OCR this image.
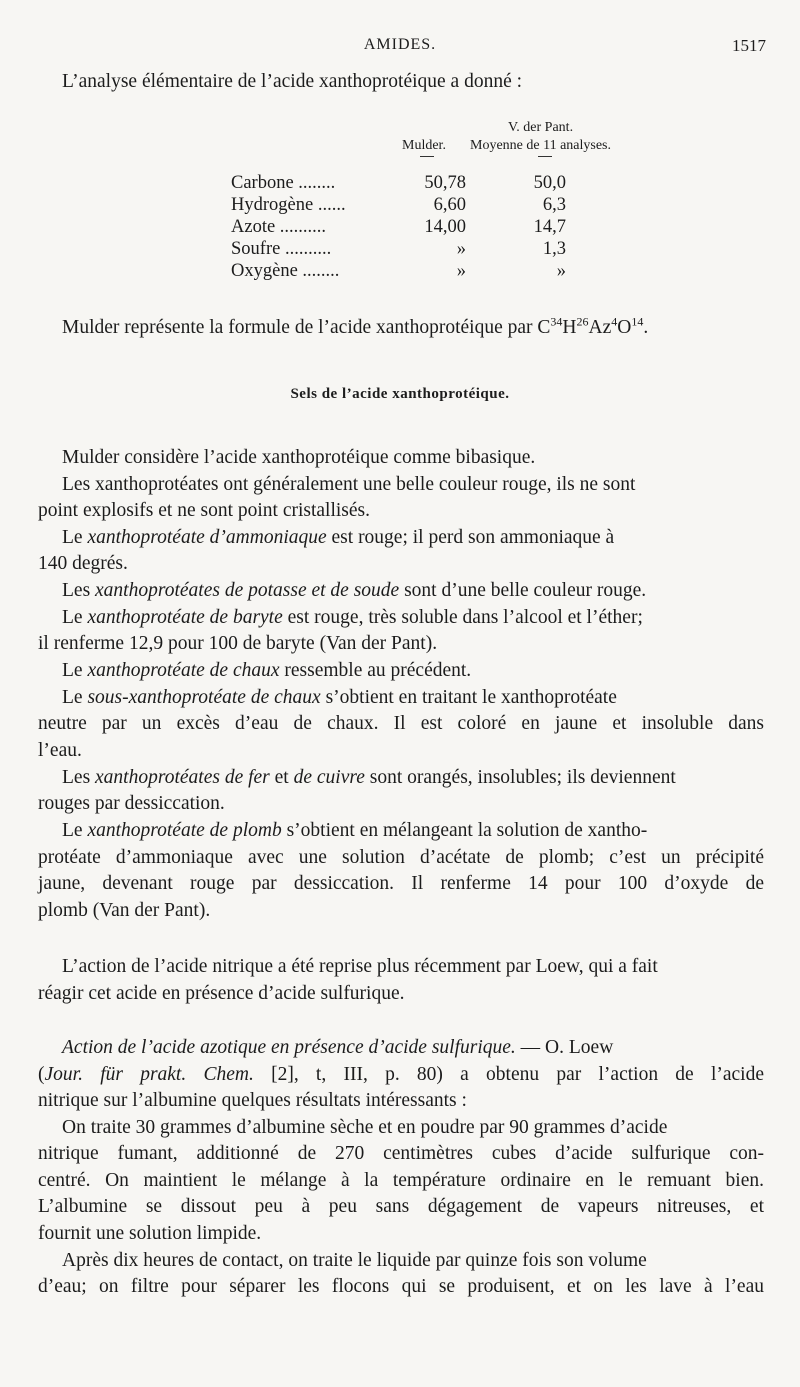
AMIDES.	1517
L’analyse élémentaire de l’acide xanthoprotéique a donné :
V. der Pant.
Mulder. Moyenne de 11 analyses.
Carbone ........	50,78	50,0
Hydrogène ......	6,60	6,3
Azote ..........	14,00	14,7
Soufre ..........	»	1,3
Oxygène ........	»	»
Mulder représente la formule de l’acide xanthoprotéique par $C^{34}H^{26}Az^4O^{14}$.
Sels de l’acide xanthoprotéique.
Mulder considère l’acide xanthoprotéique comme bibasique.
Les xanthoprotéates ont généralement une belle couleur rouge, ils ne sont
point explosifs et ne sont point cristallisés.
Le xanthoprotéate d’ammoniaque est rouge; il perd son ammoniaque à
140 degrés.
Les xanthoprotéates de potasse et de soude sont d’une belle couleur rouge.
Le xanthoprotéate de baryte est rouge, très soluble dans l’alcool et l’éther;
il renferme 12,9 pour 100 de baryte (Van der Pant).
Le xanthoprotéate de chaux ressemble au précédent.
Le sous-xanthoprotéate de chaux s’obtient en traitant le xanthoprotéate
neutre par un excès d’eau de chaux. Il est coloré en jaune et insoluble dans
l’eau.
Les xanthoprotéates de fer et de cuivre sont orangés, insolubles; ils deviennent
rouges par dessiccation.
Le xanthoprotéate de plomb s’obtient en mélangeant la solution de xantho-
protéate d’ammoniaque avec une solution d’acétate de plomb; c’est un précipité
jaune, devenant rouge par dessiccation. Il renferme 14 pour 100 d’oxyde de
plomb (Van der Pant).
L’action de l’acide nitrique a été reprise plus récemment par Loew, qui a fait
réagir cet acide en présence d’acide sulfurique.
Action de l’acide azotique en présence d’acide sulfurique. — O. Loew
(Jour. für prakt. Chem. [2], t, III, p. 80) a obtenu par l’action de l’acide
nitrique sur l’albumine quelques résultats intéressants :
On traite 30 grammes d’albumine sèche et en poudre par 90 grammes d’acide
nitrique fumant, additionné de 270 centimètres cubes d’acide sulfurique con-
centré. On maintient le mélange à la température ordinaire en le remuant bien.
L’albumine se dissout peu à peu sans dégagement de vapeurs nitreuses, et
fournit une solution limpide.
Après dix heures de contact, on traite le liquide par quinze fois son volume
d’eau; on filtre pour séparer les flocons qui se produisent, et on les lave à l’eau
